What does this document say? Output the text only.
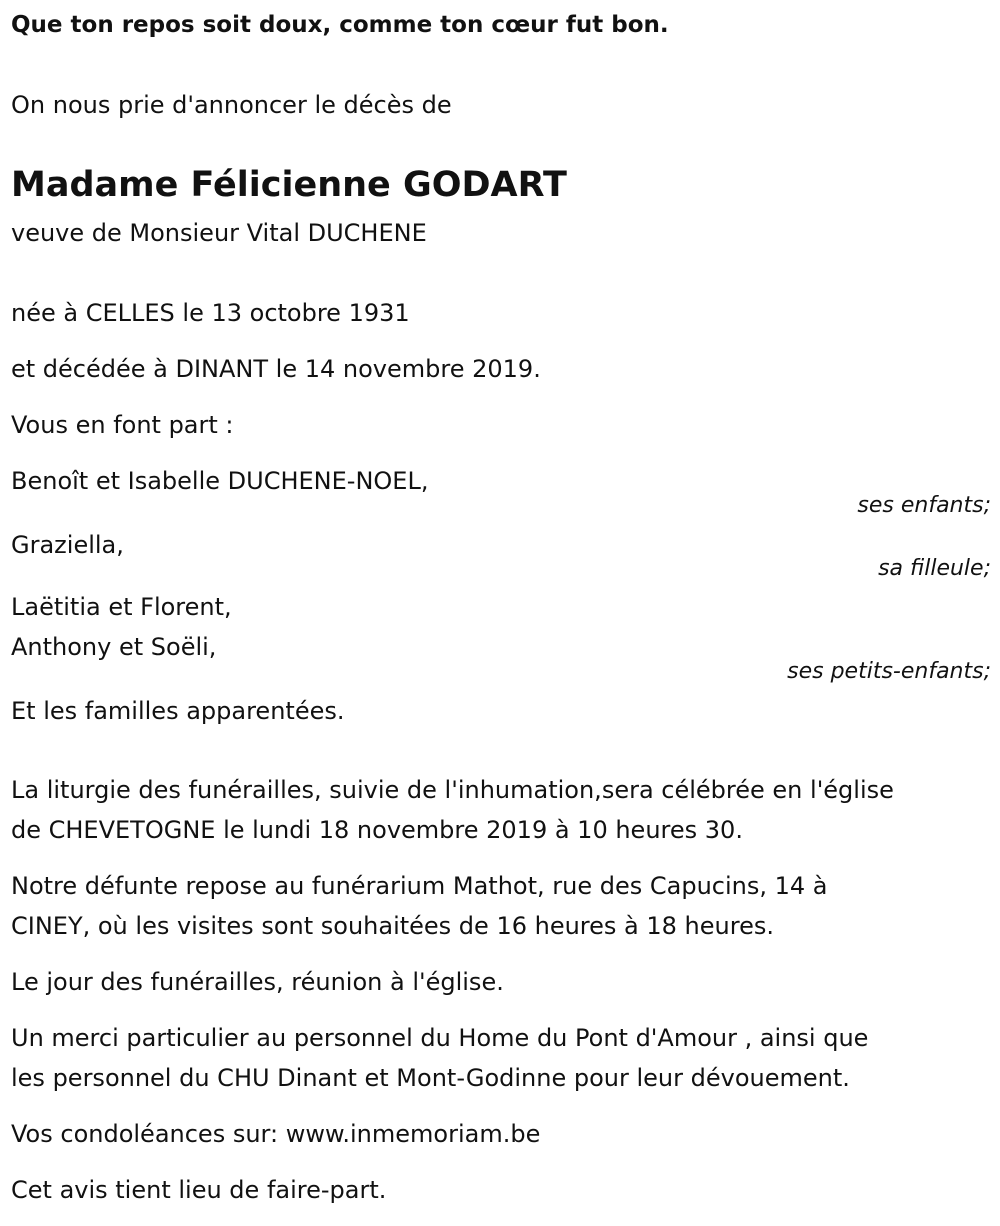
Que ton repos soit doux, comme ton cœur fut bon.

On nous prie d'annoncer le décès de

Madame Félicienne GODART

veuve de Monsieur Vital DUCHENE

née à CELLES le 13 octobre 1931

et décédée à DINANT le 14 novembre 2019.

Vous en font part :

Benoît et Isabelle DUCHENE-NOEL,

ses enfants;

Graziella,

sa filleule;

Laëtitia et Florent,

Anthony et Soëli,

ses petits-enfants;

Et les familles apparentées.

La liturgie des funérailles, suivie de l'inhumation,sera célébrée en l'église

de CHEVETOGNE le lundi 18 novembre 2019 à 10 heures 30.

Notre défunte repose au funérarium Mathot, rue des Capucins, 14 à

CINEY, où les visites sont souhaitées de 16 heures à 18 heures.

Le jour des funérailles, réunion à l'église.

Un merci particulier au personnel du Home du Pont d'Amour , ainsi que

les personnel du CHU Dinant et Mont-Godinne pour leur dévouement.

Vos condoléances sur: www.inmemoriam.be

Cet avis tient lieu de faire-part.
